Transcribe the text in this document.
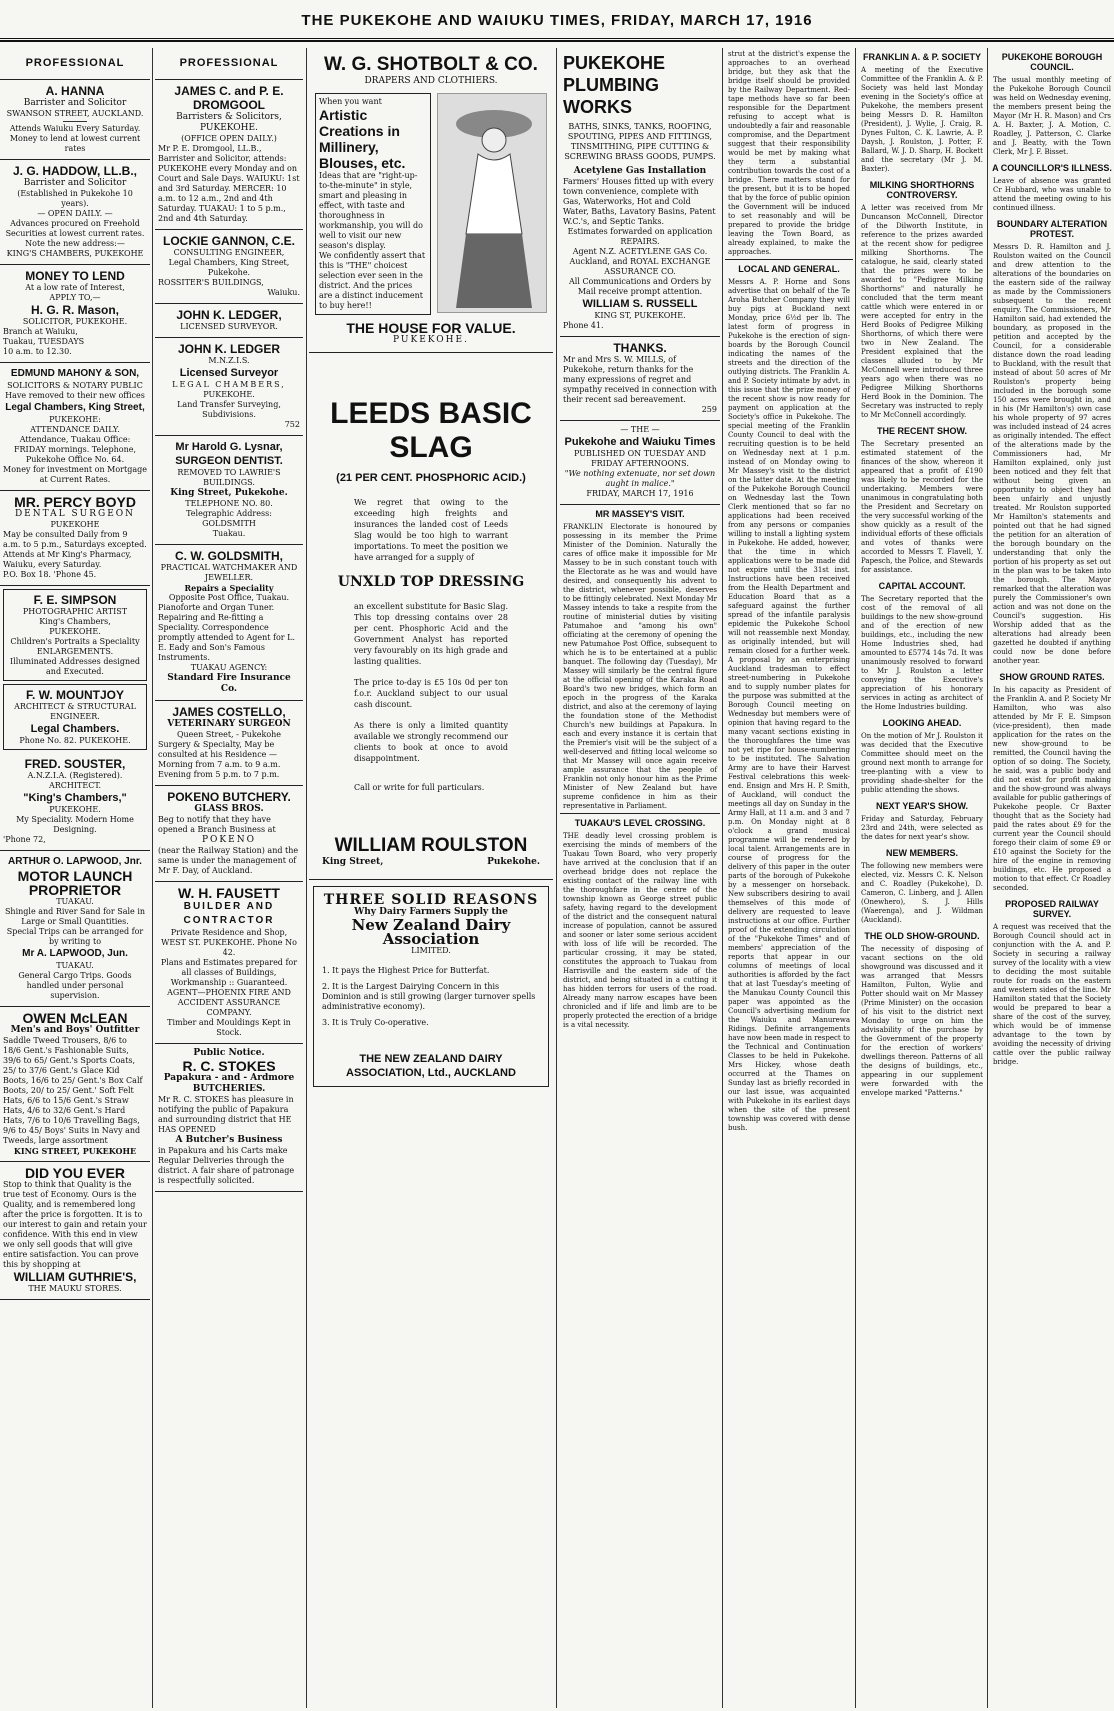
THE PUKEKOHE AND WAIUKU TIMES, FRIDAY, MARCH 17, 1916
PROFESSIONAL
A. HANNA
Barrister and Solicitor
SWANSON STREET, AUCKLAND.
Attends Waiuku Every Saturday.
Money to lend at lowest current rates
J. G. HADDOW, LL.B.,
Barrister and Solicitor
(Established in Pukekohe 10 years).
— OPEN DAILY. —
Advances procured on Freehold Securities at lowest current rates.
Note the new address:—
KING'S CHAMBERS, PUKEKOHE
MONEY TO LEND
At a low rate of Interest,
APPLY TO,—
H. G. R. Mason,
SOLICITOR, PUKEKOHE.
Branch at Waiuku,
Tuakau, TUESDAYS
10 a.m. to 12.30.
EDMUND MAHONY & SON,
SOLICITORS & NOTARY PUBLIC
Have removed to their new offices
Legal Chambers, King Street,
PUKEKOHE:
ATTENDANCE DAILY.
Attendance, Tuakau Office: FRIDAY mornings. Telephone, Pukekohe Office No. 64.
Money for investment on Mortgage at Current Rates.
MR. PERCY BOYD
DENTAL SURGEON
PUKEKOHE
May be consulted Daily from 9 a.m. to 5 p.m., Saturdays excepted.
Attends at Mr King's Pharmacy, Waiuku, every Saturday.
P.O. Box 18. 'Phone 45.
F. E. SIMPSON
PHOTOGRAPHIC ARTIST
King's Chambers,
PUKEKOHE.
Children's Portraits a Speciality
ENLARGEMENTS.
Illuminated Addresses designed and Executed.
F. W. MOUNTJOY
ARCHITECT & STRUCTURAL ENGINEER.
Legal Chambers.
Phone No. 82. PUKEKOHE.
FRED. SOUSTER,
A.N.Z.I.A. (Registered).
ARCHITECT.
"King's Chambers,"
PUKEKOHE.
My Speciality. Modern Home Designing.
'Phone 72,
ARTHUR O. LAPWOOD, Jnr.
MOTOR LAUNCH
PROPRIETOR
TUAKAU.
Shingle and River Sand for Sale in Large or Small Quantities.
Special Trips can be arranged for by writing to
Mr A. LAPWOOD, Jun.
TUAKAU.
General Cargo Trips. Goods handled under personal supervision.
OWEN McLEAN
Men's and Boys' Outfitter
Saddle Tweed Trousers, 8/6 to 18/6 Gent.'s Fashionable Suits, 39/6 to 65/ Gent.'s Sports Coats, 25/ to 37/6 Gent.'s Glace Kid Boots, 16/6 to 25/ Gent.'s Box Calf Boots, 20/ to 25/ Gent.' Soft Felt Hats, 6/6 to 15/6 Gent.'s Straw Hats, 4/6 to 32/6 Gent.'s Hard Hats, 7/6 to 10/6 Travelling Bags, 9/6 to 45/ Boys' Suits in Navy and Tweeds, large assortment
KING STREET, PUKEKOHE
DID YOU EVER
Stop to think that Quality is the true test of Economy. Ours is the Quality, and is remembered long after the price is forgotten. It is to our interest to gain and retain your confidence. With this end in view we only sell goods that will give entire satisfaction. You can prove this by shopping at
WILLIAM GUTHRIE'S,
THE MAUKU STORES.
PROFESSIONAL
JAMES C. and P. E. DROMGOOL
Barristers & Solicitors,
PUKEKOHE.
(OFFICE OPEN DAILY.)
Mr P. E. Dromgool, LL.B., Barrister and Solicitor, attends: PUKEKOHE every Monday and on Court and Sale Days. WAIUKU: 1st and 3rd Saturday. MERCER: 10 a.m. to 12 a.m., 2nd and 4th Saturday. TUAKAU: 1 to 5 p.m., 2nd and 4th Saturday.
LOCKIE GANNON, C.E.
CONSULTING ENGINEER,
Legal Chambers, King Street,
Pukekohe.
ROSSITER'S BUILDINGS,
Waiuku.
JOHN K. LEDGER,
LICENSED SURVEYOR.
JOHN K. LEDGER
M.N.Z.I.S.
Licensed Surveyor
LEGAL CHAMBERS,
PUKEKOHE.
Land Transfer Surveying, Subdivisions.
752
Mr Harold G. Lysnar,
SURGEON DENTIST.
REMOVED TO LAWRIE'S BUILDINGS.
King Street, Pukekohe.
TELEPHONE NO. 80.
Telegraphic Address: GOLDSMITH
Tuakau.
C. W. GOLDSMITH,
PRACTICAL WATCHMAKER AND JEWELLER.
Repairs a Speciality
Opposite Post Office, Tuakau.
Pianoforte and Organ Tuner. Repairing and Re-fitting a Speciality. Correspondence promptly attended to Agent for L. E. Eady and Son's Famous Instruments.
TUAKAU AGENCY:
Standard Fire Insurance Co.
JAMES COSTELLO,
VETERINARY SURGEON
Queen Street, - Pukekohe
Surgery & Specialty, May be consulted at his Residence — Morning from 7 a.m. to 9 a.m. Evening from 5 p.m. to 7 p.m.
POKENO BUTCHERY.
GLASS BROS.
Beg to notify that they have opened a Branch Business at
POKENO
(near the Railway Station) and the same is under the management of Mr F. Day, of Auckland.
W. H. FAUSETT
BUILDER AND
CONTRACTOR
Private Residence and Shop, WEST ST. PUKEKOHE. Phone No 42.
Plans and Estimates prepared for all classes of Buildings, Workmanship :: Guaranteed.
AGENT—PHOENIX FIRE AND ACCIDENT ASSURANCE COMPANY.
Timber and Mouldings Kept in Stock.
Public Notice.
R. C. STOKES
Papakura - and - Ardmore BUTCHERIES.
Mr R. C. STOKES has pleasure in notifying the public of Papakura and surrounding district that HE HAS OPENED
A Butcher's Business
in Papakura and his Carts make Regular Deliveries through the district. A fair share of patronage is respectfully solicited.
W. G. SHOTBOLT & CO.
DRAPERS AND CLOTHIERS.
When you want
Artistic Creations in Millinery, Blouses, etc.
Ideas that are "right-up-to-the-minute" in style, smart and pleasing in effect, with taste and thoroughness in workmanship, you will do well to visit our new season's display.
We confidently assert that this is "THE" choicest selection ever seen in the district. And the prices are a distinct inducement to buy here!!
THE HOUSE FOR VALUE.
PUKEKOHE.
LEEDS BASIC
SLAG
(21 PER CENT. PHOSPHORIC ACID.)
We regret that owing to the exceeding high freights and insurances the landed cost of Leeds Slag would be too high to warrant importations. To meet the position we have arranged for a supply of
UNXLD TOP DRESSING
an excellent substitute for Basic Slag. This top dressing contains over 28 per cent. Phosphoric Acid and the Government Analyst has reported very favourably on its high grade and lasting qualities.
The price to-day is £5 10s 0d per ton f.o.r. Auckland subject to our usual cash discount.
As there is only a limited quantity available we strongly recommend our clients to book at once to avoid disappointment.
Call or write for full particulars.
WILLIAM ROULSTON
King Street,	Pukekohe.
THREE SOLID REASONS
Why Dairy Farmers Supply the
New Zealand Dairy Association
LIMITED.
1. It pays the Highest Price for Butterfat.
2. It is the Largest Dairying Concern in this Dominion and is still growing (larger turnover spells administrative economy).
3. It is Truly Co-operative.
THE NEW ZEALAND DAIRY ASSOCIATION, Ltd., AUCKLAND
PUKEKOHE PLUMBING WORKS
BATHS, SINKS, TANKS, ROOFING, SPOUTING, PIPES AND FITTINGS, TINSMITHING, PIPE CUTTING & SCREWING BRASS GOODS, PUMPS.
Acetylene Gas Installation
Farmers' Houses fitted up with every town convenience, complete with Gas, Waterworks, Hot and Cold Water, Baths, Lavatory Basins, Patent W.C.'s, and Septic Tanks.
Estimates forwarded on application REPAIRS.
Agent N.Z. ACETYLENE GAS Co. Auckland, and ROYAL EXCHANGE ASSURANCE CO.
All Communications and Orders by Mail receive prompt attention.
WILLIAM S. RUSSELL
KING ST, PUKEKOHE.
Phone 41.
THANKS.
Mr and Mrs S. W. MILLS, of Pukekohe, return thanks for the many expressions of regret and sympathy received in connection with their recent sad bereavement.
259
— THE —
Pukekohe and Waiuku Times
PUBLISHED ON TUESDAY AND FRIDAY AFTERNOONS.
"We nothing extenuate, nor set down aught in malice."
FRIDAY, MARCH 17, 1916
MR MASSEY'S VISIT.
FRANKLIN Electorate is honoured by possessing in its member the Prime Minister of the Dominion. Naturally the cares of office make it impossible for Mr Massey to be in such constant touch with the Electorate as he was and would have desired, and consequently his advent to the district, whenever possible, deserves to be fittingly celebrated. Next Monday Mr Massey intends to take a respite from the routine of ministerial duties by visiting Patumahoe and "among his own" officiating at the ceremony of opening the new Patumahoe Post Office, subsequent to which he is to be entertained at a public banquet. The following day (Tuesday), Mr Massey will similarly be the central figure at the official opening of the Karaka Road Board's two new bridges, which form an epoch in the progress of the Karaka district, and also at the ceremony of laying the foundation stone of the Methodist Church's new buildings at Papakura. In each and every instance it is certain that the Premier's visit will be the subject of a well-deserved and fitting local welcome so that Mr Massey will once again receive ample assurance that the people of Franklin not only honour him as the Prime Minister of New Zealand but have supreme confidence in him as their representative in Parliament.
TUAKAU'S LEVEL CROSSING.
THE deadly level crossing problem is exercising the minds of members of the Tuakau Town Board, who very properly have arrived at the conclusion that if an overhead bridge does not replace the existing contact of the railway line with the thoroughfare in the centre of the township known as George street public safety, having regard to the development of the district and the consequent natural increase of population, cannot be assured and sooner or later some serious accident with loss of life will be recorded. The particular crossing, it may be stated, constitutes the approach to Tuakau from Harrisville and the eastern side of the district, and being situated in a cutting it has hidden terrors for users of the road. Already many narrow escapes have been chronicled and if life and limb are to be properly protected the erection of a bridge is a vital necessity.
strut at the district's expense the approaches to an overhead bridge, but they ask that the bridge itself should be provided by the Railway Department. Red-tape methods have so far been responsible for the Department refusing to accept what is undoubtedly a fair and reasonable compromise, and the Department suggest that their responsibility would be met by making what they term a substantial contribution towards the cost of a bridge. There matters stand for the present, but it is to be hoped that by the force of public opinion the Government will be induced to set reasonably and will be prepared to provide the bridge leaving the Town Board, as already explained, to make the approaches.
LOCAL AND GENERAL.
Messrs A. P. Horne and Sons advertise that on behalf of the Te Aroha Butcher Company they will buy pigs at Buckland next Monday, price 6½d per lb. The latest form of progress in Pukekohe is the erection of sign-boards by the Borough Council indicating the names of the streets and the direction of the outlying districts. The Franklin A. and P. Society intimate by advt. in this issue that the prize money of the recent show is now ready for payment on application at the Society's office in Pukekohe. The special meeting of the Franklin County Council to deal with the recruiting question is to be held on Wednesday next at 1 p.m. instead of on Monday owing to Mr Massey's visit to the district on the latter date. At the meeting of the Pukekohe Borough Council on Wednesday last the Town Clerk mentioned that so far no applications had been received from any persons or companies willing to install a lighting system in Pukekohe. He added, however, that the time in which applications were to be made did not expire until the 31st inst. Instructions have been received from the Health Department and Education Board that as a safeguard against the further spread of the infantile paralysis epidemic the Pukekohe School will not reassemble next Monday, as originally intended, but will remain closed for a further week. A proposal by an enterprising Auckland tradesman to effect street-numbering in Pukekohe and to supply number plates for the purpose was submitted at the Borough Council meeting on Wednesday but members were of opinion that having regard to the many vacant sections existing in the thoroughfares the time was not yet ripe for house-numbering to be instituted. The Salvation Army are to have their Harvest Festival celebrations this week-end. Ensign and Mrs H. P. Smith, of Auckland, will conduct the meetings all day on Sunday in the Army Hall, at 11 a.m. and 3 and 7 p.m. On Monday night at 8 o'clock a grand musical programme will be rendered by local talent. Arrangements are in course of progress for the delivery of this paper in the outer parts of the borough of Pukekohe by a messenger on horseback. New subscribers desiring to avail themselves of this mode of delivery are requested to leave instructions at our office. Further proof of the extending circulation of the "Pukekohe Times" and of members' appreciation of the reports that appear in our columns of meetings of local authorities is afforded by the fact that at last Tuesday's meeting of the Manukau County Council this paper was appointed as the Council's advertising medium for the Waiuku and Manurewa Ridings. Definite arrangements have now been made in respect to the Technical and Continuation Classes to be held in Pukekohe. Mrs Hickey, whose death occurred at the Thames on Sunday last as briefly recorded in our last issue, was acquainted with Pukekohe in its earliest days when the site of the present township was covered with dense bush.
FRANKLIN A. & P. SOCIETY
A meeting of the Executive Committee of the Franklin A. & P. Society was held last Monday evening in the Society's office at Pukekohe, the members present being Messrs D. R. Hamilton (President), J. Wylie, J. Craig, R. Dynes Fulton, C. K. Lawrie, A. P. Daysh, J. Roulston, J. Potter, F. Ballard, W. J. D. Sharp, H. Bockett and the secretary (Mr J. M. Baxter).
MILKING SHORTHORNS CONTROVERSY.
A letter was received from Mr Duncanson McConnell, Director of the Dilworth Institute, in reference to the prizes awarded at the recent show for pedigree milking Shorthorns. The catalogue, he said, clearly stated that the prizes were to be awarded to "Pedigree Milking Shorthorns" and naturally he concluded that the term meant cattle which were entered in or were accepted for entry in the Herd Books of Pedigree Milking Shorthorns, of which there were two in New Zealand. The President explained that the classes alluded to by Mr McConnell were introduced three years ago when there was no Pedigree Milking Shorthorns Herd Book in the Dominion. The Secretary was instructed to reply to Mr McConnell accordingly.
THE RECENT SHOW.
The Secretary presented an estimated statement of the finances of the show, whereon it appeared that a profit of £190 was likely to be recorded for the undertaking. Members were unanimous in congratulating both the President and Secretary on the very successful working of the show quickly as a result of the individual efforts of these officials and votes of thanks were accorded to Messrs T. Flavell, Y. Papesch, the Police, and Stewards for assistance.
CAPITAL ACCOUNT.
The Secretary reported that the cost of the removal of all buildings to the new show-ground and of the erection of new buildings, etc., including the new Home Industries shed, had amounted to £5774 14s 7d. It was unanimously resolved to forward to Mr J. Roulston a letter conveying the Executive's appreciation of his honorary services in acting as architect of the Home Industries building.
LOOKING AHEAD.
On the motion of Mr J. Roulston it was decided that the Executive Committee should meet on the ground next month to arrange for tree-planting with a view to providing shade-shelter for the public attending the shows.
NEXT YEAR'S SHOW.
Friday and Saturday, February 23rd and 24th, were selected as the dates for next year's show.
NEW MEMBERS.
The following new members were elected, viz. Messrs C. K. Nelson and C. Roadley (Pukekohe), D. Cameron, C. Linberg, and J. Allen (Onewhero), S. J. Hills (Waerenga), and J. Wildman (Auckland).
THE OLD SHOW-GROUND.
The necessity of disposing of vacant sections on the old showground was discussed and it was arranged that Messrs Hamilton, Fulton, Wylie and Potter should wait on Mr Massey (Prime Minister) on the occasion of his visit to the district next Monday to urge on him the advisability of the purchase by the Government of the property for the erection of workers' dwellings thereon. Patterns of all the designs of buildings, etc., appearing in our supplement were forwarded with the envelope marked "Patterns."
PUKEKOHE BOROUGH COUNCIL.
The usual monthly meeting of the Pukekohe Borough Council was held on Wednesday evening, the members present being the Mayor (Mr H. R. Mason) and Crs A. H. Baxter, J. A. Motion, C. Roadley, J. Patterson, C. Clarke and J. Beatty, with the Town Clerk, Mr J. F. Bisset.
A COUNCILLOR'S ILLNESS.
Leave of absence was granted Cr Hubbard, who was unable to attend the meeting owing to his continued illness.
BOUNDARY ALTERATION PROTEST.
Messrs D. R. Hamilton and J. Roulston waited on the Council and drew attention to the alterations of the boundaries on the eastern side of the railway as made by the Commissioners subsequent to the recent enquiry. The Commissioners, Mr Hamilton said, had extended the boundary, as proposed in the petition and accepted by the Council, for a considerable distance down the road leading to Buckland, with the result that instead of about 50 acres of Mr Roulston's property being included in the borough some 150 acres were brought in, and in his (Mr Hamilton's) own case his whole property of 97 acres was included instead of 24 acres as originally intended. The effect of the alterations made by the Commissioners had, Mr Hamilton explained, only just been noticed and they felt that without being given an opportunity to object they had been unfairly and unjustly treated. Mr Roulston supported Mr Hamilton's statements and pointed out that he had signed the petition for an alteration of the borough boundary on the understanding that only the portion of his property as set out in the plan was to be taken into the borough. The Mayor remarked that the alteration was purely the Commissioner's own action and was not done on the Council's suggestion. His Worship added that as the alterations had already been gazetted he doubted if anything could now be done before another year.
SHOW GROUND RATES.
In his capacity as President of the Franklin A. and P. Society Mr Hamilton, who was also attended by Mr F. E. Simpson (vice-president), then made application for the rates on the new show-ground to be remitted, the Council having the option of so doing. The Society, he said, was a public body and did not exist for profit making and the show-ground was always available for public gatherings of Pukekohe people. Cr Baxter thought that as the Society had paid the rates about £9 for the current year the Council should forego their claim of some £9 or £10 against the Society for the hire of the engine in removing buildings, etc. He proposed a motion to that effect. Cr Roadley seconded.
PROPOSED RAILWAY SURVEY.
A request was received that the Borough Council should act in conjunction with the A. and P. Society in securing a railway survey of the locality with a view to deciding the most suitable route for roads on the eastern and western sides of the line. Mr Hamilton stated that the Society would be prepared to bear a share of the cost of the survey, which would be of immense advantage to the town by avoiding the necessity of driving cattle over the public railway bridge.
